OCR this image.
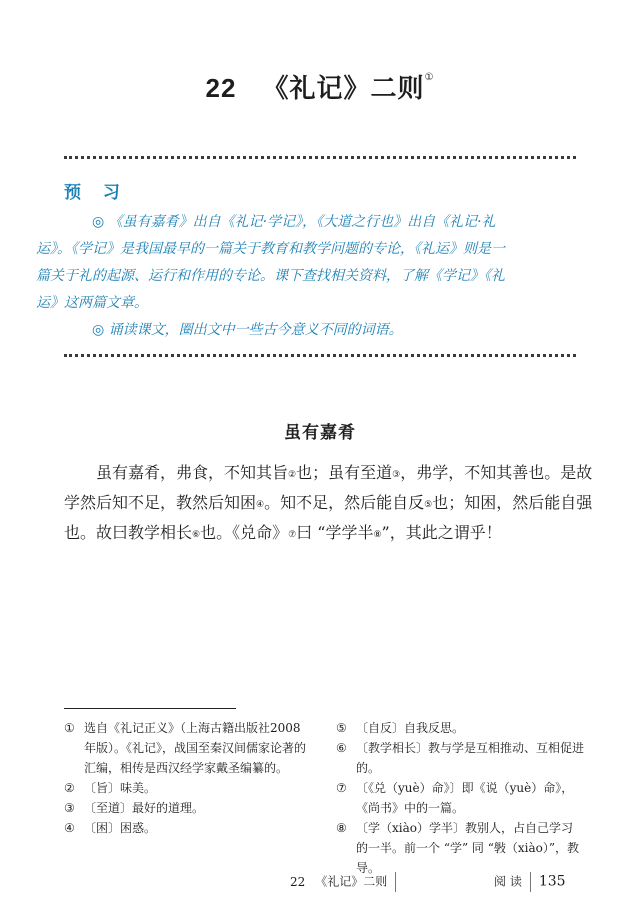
22 《礼记》二则①
预 习

◎ 《虽有嘉肴》出自《礼记·学记》，《大道之行也》出自《礼记·礼
运》。《学记》是我国最早的一篇关于教育和教学问题的专论，《礼运》则是一
篇关于礼的起源、运行和作用的专论。课下查找相关资料，了解《学记》《礼
运》这两篇文章。

◎ 诵读课文，圈出文中一些古今意义不同的词语。

虽有嘉肴
虽有嘉肴，弗食，不知其旨②也；虽有至道③，弗学，不知其善也。是故
学然后知不足，教然后知困④。知不足，然后能自反⑤也；知困，然后能自强
也。故曰教学相长⑥也。《兑命》⑦曰 “学学半⑧”，其此之谓乎！
① 选自《礼记正义》（上海古籍出版社2008年版）。《礼记》，战国至秦汉间儒家论著的汇编，相传是西汉经学家戴圣编纂的。
② 〔旨〕味美。
③ 〔至道〕最好的道理。
④ 〔困〕困惑。
⑤ 〔自反〕自我反思。
⑥ 〔教学相长〕教与学是互相推动、互相促进的。
⑦ 〔《兑（yuè）命》〕即《说（yuè）命》，《尚书》中的一篇。
⑧ 〔学（xiào）学半〕教别人，占自己学习的一半。前一个 “学” 同 “斅（xiào）”，教导。
22 《礼记》二则	阅 读 135
